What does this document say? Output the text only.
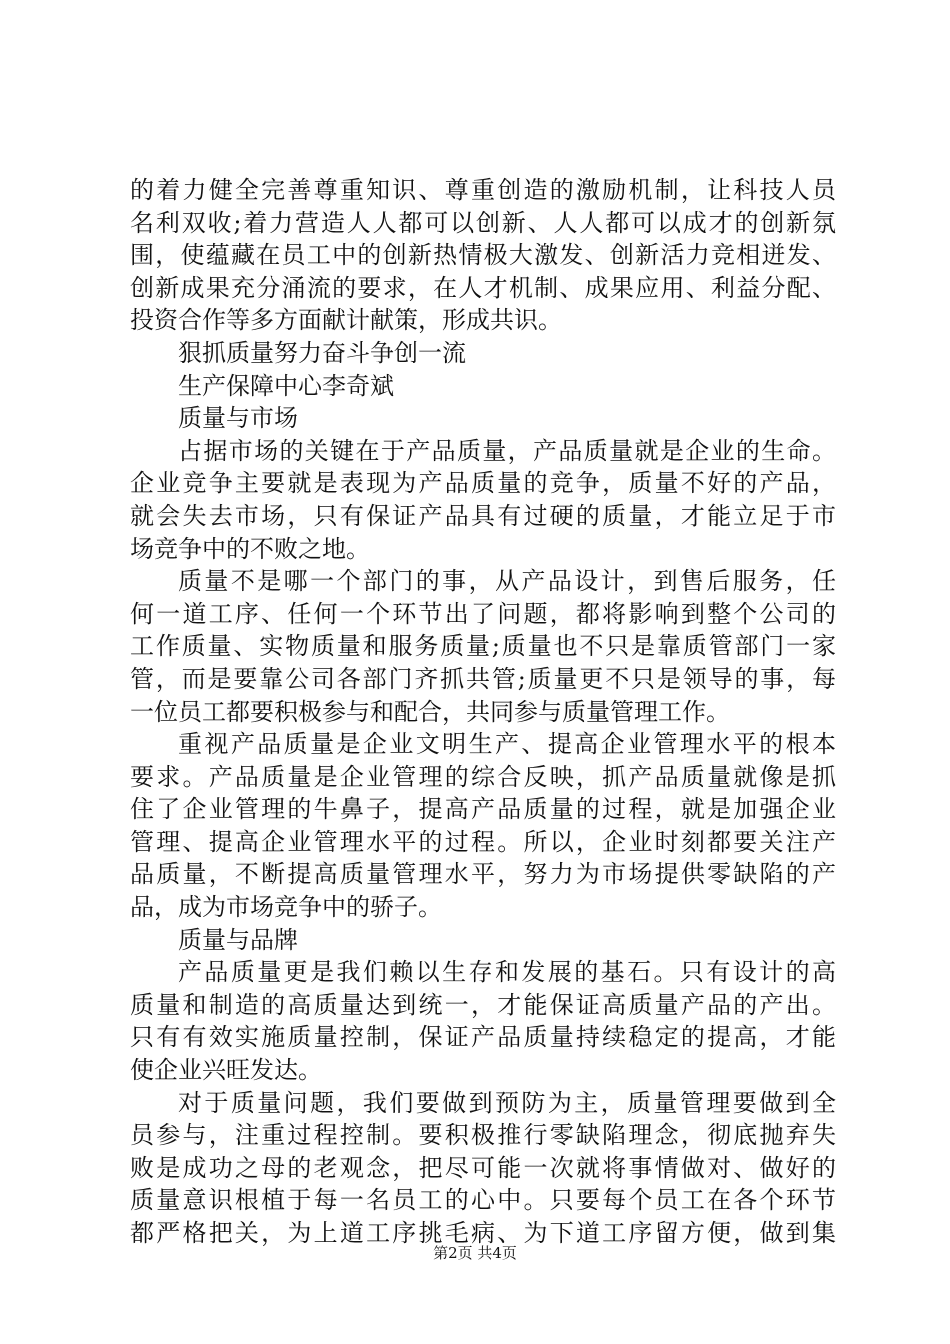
的着力健全完善尊重知识、尊重创造的激励机制，让科技人员
名利双收;着力营造人人都可以创新、人人都可以成才的创新氛
围，使蕴藏在员工中的创新热情极大激发、创新活力竞相迸发、
创新成果充分涌流的要求，在人才机制、成果应用、利益分配、
投资合作等多方面献计献策，形成共识。
狠抓质量努力奋斗争创一流
生产保障中心李奇斌
质量与市场
占据市场的关键在于产品质量，产品质量就是企业的生命。
企业竞争主要就是表现为产品质量的竞争，质量不好的产品，
就会失去市场，只有保证产品具有过硬的质量，才能立足于市
场竞争中的不败之地。
质量不是哪一个部门的事，从产品设计，到售后服务，任
何一道工序、任何一个环节出了问题，都将影响到整个公司的
工作质量、实物质量和服务质量;质量也不只是靠质管部门一家
管，而是要靠公司各部门齐抓共管;质量更不只是领导的事，每
一位员工都要积极参与和配合，共同参与质量管理工作。
重视产品质量是企业文明生产、提高企业管理水平的根本
要求。产品质量是企业管理的综合反映，抓产品质量就像是抓
住了企业管理的牛鼻子，提高产品质量的过程，就是加强企业
管理、提高企业管理水平的过程。所以，企业时刻都要关注产
品质量，不断提高质量管理水平，努力为市场提供零缺陷的产
品，成为市场竞争中的骄子。
质量与品牌
产品质量更是我们赖以生存和发展的基石。只有设计的高
质量和制造的高质量达到统一，才能保证高质量产品的产出。
只有有效实施质量控制，保证产品质量持续稳定的提高，才能
使企业兴旺发达。
对于质量问题，我们要做到预防为主，质量管理要做到全
员参与，注重过程控制。要积极推行零缺陷理念，彻底抛弃失
败是成功之母的老观念，把尽可能一次就将事情做对、做好的
质量意识根植于每一名员工的心中。只要每个员工在各个环节
都严格把关，为上道工序挑毛病、为下道工序留方便，做到集
第2页 共4页
